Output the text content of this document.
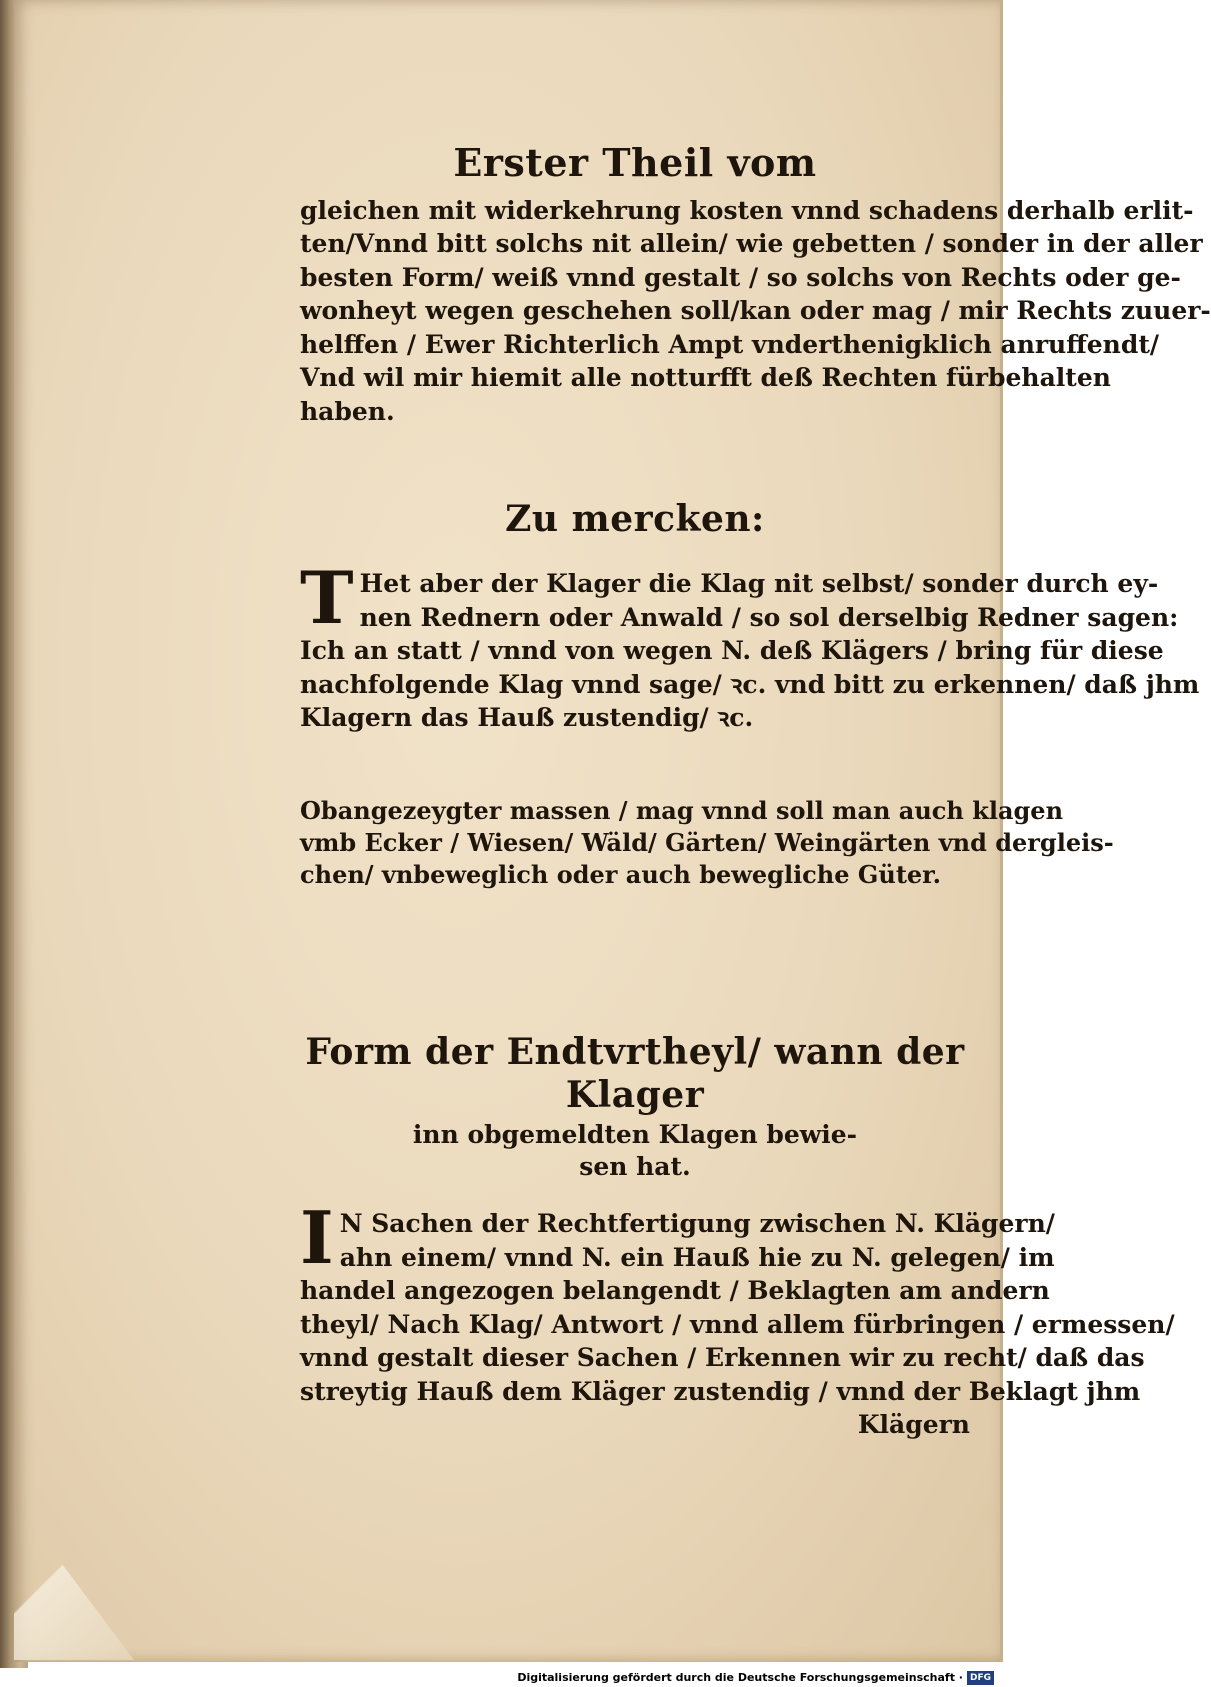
Erster Theil vom

gleichen mit widerkehrung kosten vnnd schadens derhalb erlit-
ten/Vnnd bitt solchs nit allein/ wie gebetten / sonder in der aller
besten Form/ weiß vnnd gestalt / so solchs von Rechts oder ge-
wonheyt wegen geschehen soll/kan oder mag / mir Rechts zuuer-
helffen / Ewer Richterlich Ampt vnderthenigklich anruffendt/
Vnd wil mir hiemit alle notturfft deß Rechten fürbehalten
haben.

Zu mercken:
T Het aber der Klager die Klag nit selbst/ sonder durch ey-
nen Rednern oder Anwald / so sol derselbig Redner sagen:
Ich an statt / vnnd von wegen N. deß Klägers / bring für diese
nachfolgende Klag vnnd sage/ ꝛc. vnd bitt zu erkennen/ daß jhm
Klagern das Hauß zustendig/ ꝛc.

Obangezeygter massen / mag vnnd soll man auch klagen
vmb Ecker / Wiesen/ Wäld/ Gärten/ Weingärten vnd dergleis-
chen/ vnbeweglich oder auch bewegliche Güter.

Form der Endtvrtheyl/ wann der Klager

inn obgemeldten Klagen bewie-
sen hat.

I N Sachen der Rechtfertigung zwischen N. Klägern/
ahn einem/ vnnd N. ein Hauß hie zu N. gelegen/ im
handel angezogen belangendt / Beklagten am andern
theyl/ Nach Klag/ Antwort / vnnd allem fürbringen / ermessen/
vnnd gestalt dieser Sachen / Erkennen wir zu recht/ daß das
streytig Hauß dem Kläger zustendig / vnnd der Beklagt jhm
Klägern
Digitalisierung gefördert durch die Deutsche Forschungsgemeinschaft · DFG
